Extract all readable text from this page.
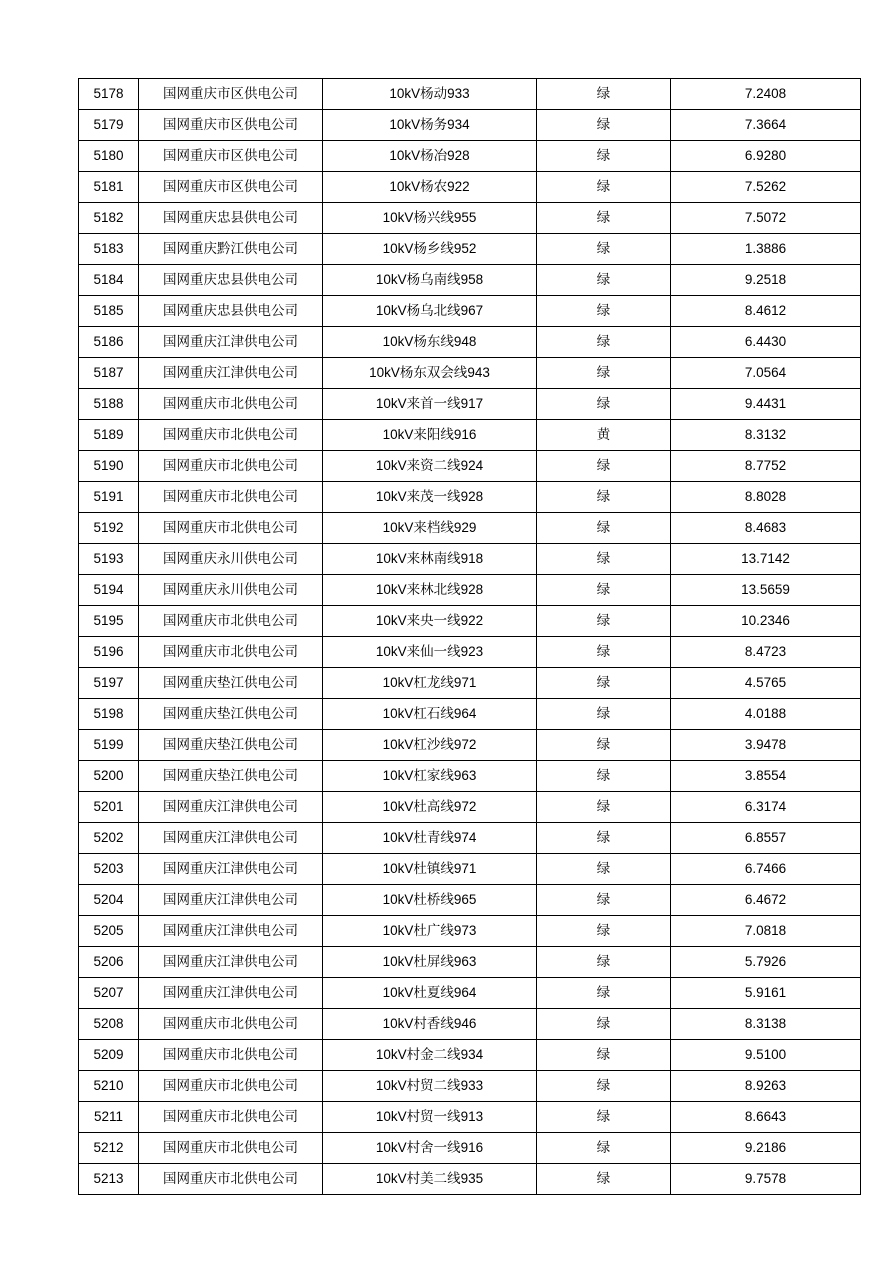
5178	国网重庆市区供电公司	10kV杨动933	绿	7.2408
5179	国网重庆市区供电公司	10kV杨务934	绿	7.3664
5180	国网重庆市区供电公司	10kV杨冶928	绿	6.9280
5181	国网重庆市区供电公司	10kV杨农922	绿	7.5262
5182	国网重庆忠县供电公司	10kV杨兴线955	绿	7.5072
5183	国网重庆黔江供电公司	10kV杨乡线952	绿	1.3886
5184	国网重庆忠县供电公司	10kV杨乌南线958	绿	9.2518
5185	国网重庆忠县供电公司	10kV杨乌北线967	绿	8.4612
5186	国网重庆江津供电公司	10kV杨东线948	绿	6.4430
5187	国网重庆江津供电公司	10kV杨东双会线943	绿	7.0564
5188	国网重庆市北供电公司	10kV来首一线917	绿	9.4431
5189	国网重庆市北供电公司	10kV来阳线916	黄	8.3132
5190	国网重庆市北供电公司	10kV来资二线924	绿	8.7752
5191	国网重庆市北供电公司	10kV来茂一线928	绿	8.8028
5192	国网重庆市北供电公司	10kV来档线929	绿	8.4683
5193	国网重庆永川供电公司	10kV来林南线918	绿	13.7142
5194	国网重庆永川供电公司	10kV来林北线928	绿	13.5659
5195	国网重庆市北供电公司	10kV来央一线922	绿	10.2346
5196	国网重庆市北供电公司	10kV来仙一线923	绿	8.4723
5197	国网重庆垫江供电公司	10kV杠龙线971	绿	4.5765
5198	国网重庆垫江供电公司	10kV杠石线964	绿	4.0188
5199	国网重庆垫江供电公司	10kV杠沙线972	绿	3.9478
5200	国网重庆垫江供电公司	10kV杠家线963	绿	3.8554
5201	国网重庆江津供电公司	10kV杜高线972	绿	6.3174
5202	国网重庆江津供电公司	10kV杜青线974	绿	6.8557
5203	国网重庆江津供电公司	10kV杜镇线971	绿	6.7466
5204	国网重庆江津供电公司	10kV杜桥线965	绿	6.4672
5205	国网重庆江津供电公司	10kV杜广线973	绿	7.0818
5206	国网重庆江津供电公司	10kV杜屏线963	绿	5.7926
5207	国网重庆江津供电公司	10kV杜夏线964	绿	5.9161
5208	国网重庆市北供电公司	10kV村香线946	绿	8.3138
5209	国网重庆市北供电公司	10kV村金二线934	绿	9.5100
5210	国网重庆市北供电公司	10kV村贸二线933	绿	8.9263
5211	国网重庆市北供电公司	10kV村贸一线913	绿	8.6643
5212	国网重庆市北供电公司	10kV村舍一线916	绿	9.2186
5213	国网重庆市北供电公司	10kV村美二线935	绿	9.7578
